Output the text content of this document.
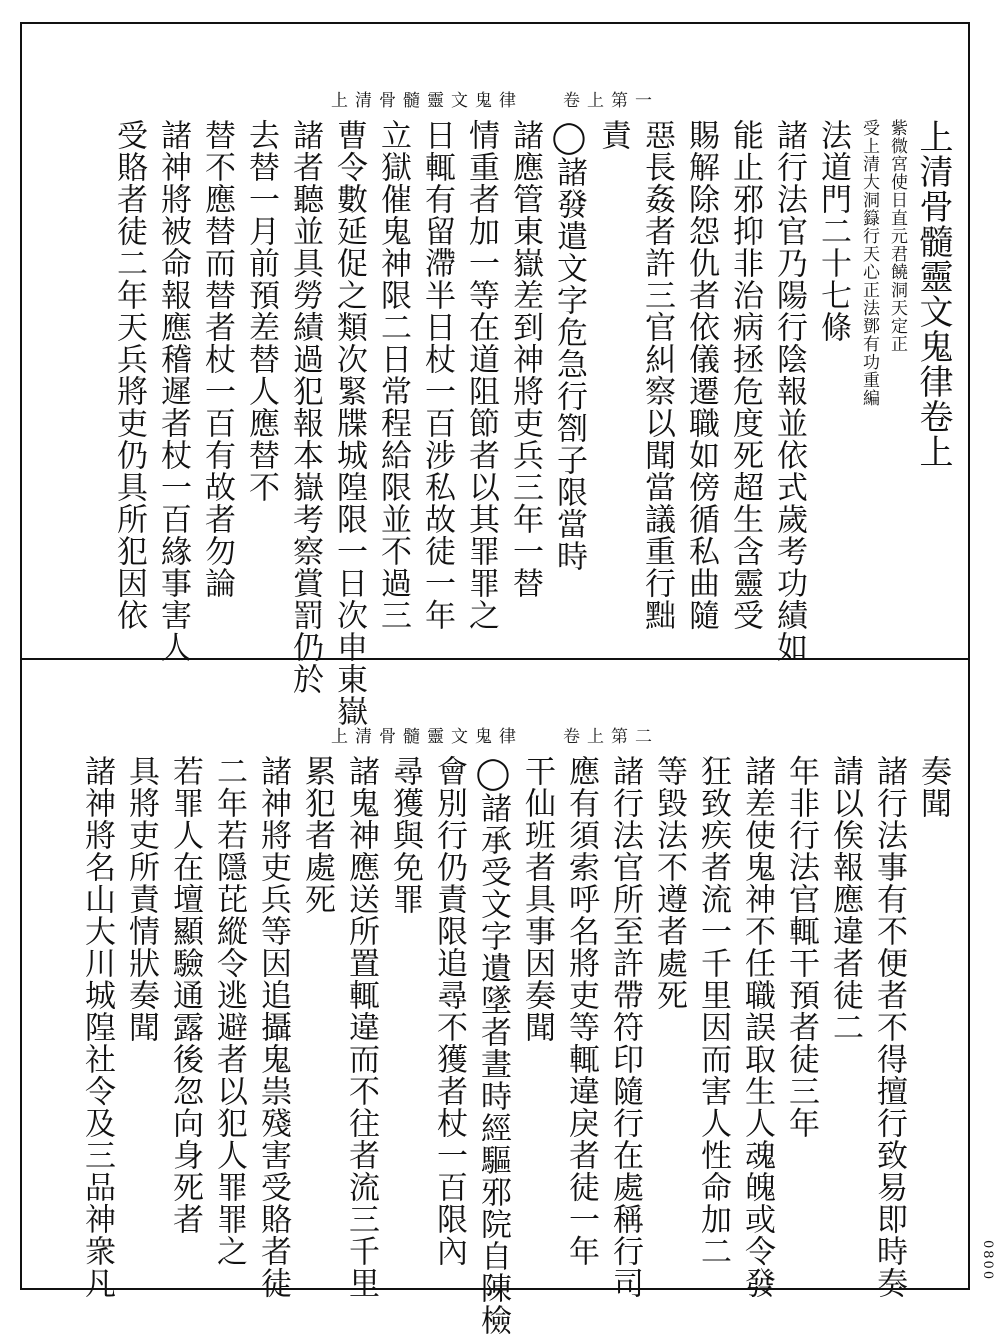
上清骨髓靈文鬼律 卷上第一
上清骨髓靈文鬼律卷上
紫微宮使日直元君饒洞天定正
受上清大洞籙行天心正法鄧有功重編
法道門二十七條
諸行法官乃陽行陰報並依式歲考功績如
能止邪抑非治病拯危度死超生含靈受
賜解除怨仇者依儀遷職如傍循私曲隨
惡長姦者許三官糾察以聞當議重行黜
責
◯諸發遣文字危急行劄子限當時
諸應管東嶽差到神將吏兵三年一替
情重者加一等在道阻節者以其罪罪之
日輒有留滯半日杖一百涉私故徒一年
立獄催鬼神限二日常程給限並不過三
曹令數延促之類次緊牒城隍限一日次申東嶽
諸者聽並具勞績過犯報本嶽考察賞罰仍於
去替一月前預差替人應替不
替不應替而替者杖一百有故者勿論
諸神將被命報應稽遲者杖一百緣事害人
受賂者徒二年天兵將吏仍具所犯因依
上清骨髓靈文鬼律 卷上第二
奏聞
諸行法事有不便者不得擅行致易即時奏
請以俟報應違者徒二
年非行法官輒干預者徒三年
諸差使鬼神不任職誤取生人魂魄或令發
狂致疾者流一千里因而害人性命加二
等毀法不遵者處死
諸行法官所至許帶符印隨行在處稱行司
應有須索呼名將吏等輒違戾者徒一年
干仙班者具事因奏聞
◯諸承受文字遺墜者晝時經驅邪院自陳檢
會別行仍責限追尋不獲者杖一百限內
尋獲與免罪
諸鬼神應送所置輒違而不往者流三千里
累犯者處死
諸神將吏兵等因追攝鬼祟殘害受賂者徒
二年若隱芘縱令逃避者以犯人罪罪之
若罪人在壇顯驗通露後忽向身死者
具將吏所責情狀奏聞
諸神將名山大川城隍社令及三品神衆凡	0800
